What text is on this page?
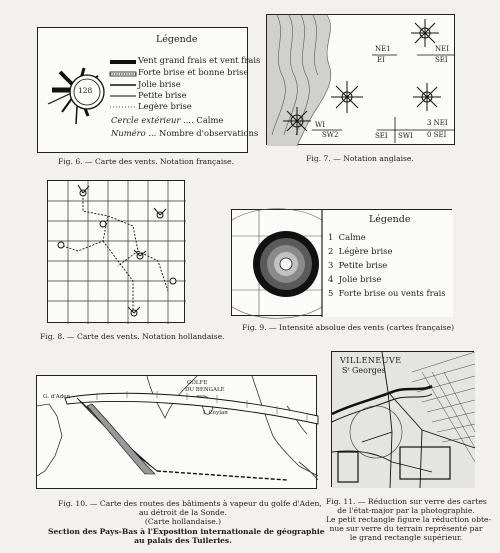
Légende
128
Vent grand frais et vent frais
Forte brise et bonne brise
Jolie brise
Petite brise
Legère brise
Cercle extérieur .... Calme
Numéro ... Nombre d'observations
Fig. 6. — Carte des vents. Notation française.
NE1
EI
NEI
SEI
3 NEI
0 SEI
WI
SW2	SEI SWI
Fig. 7. — Notation anglaise.
Fig. 8. — Carte des vents. Notation hollandaise.
Légende
1 Calme
2 Légère brise
3 Petite brise
4 Jolie brise
5 Forte brise ou vents frais
Fig. 9. — Intensité absolue des vents (cartes française)
GOLFE
DU BENGALE
I. Ceylan
G. d'Aden
Fig. 10. — Carte des routes des bâtiments à vapeur du golfe d'Aden,
au détroit de la Sonde.
(Carte hollandaise.)
Section des Pays-Bas à l'Exposition internationale de géographie
au palais des Tuileries.
VILLENEUVE
Sᵗ Georges
Fig. 11. — Réduction sur verre des cartes
de l'état-major par la photographie.
Le petit rectangle figure la réduction obte-
nue sur verre du terrain représenté par
le grand rectangle supérieur.
